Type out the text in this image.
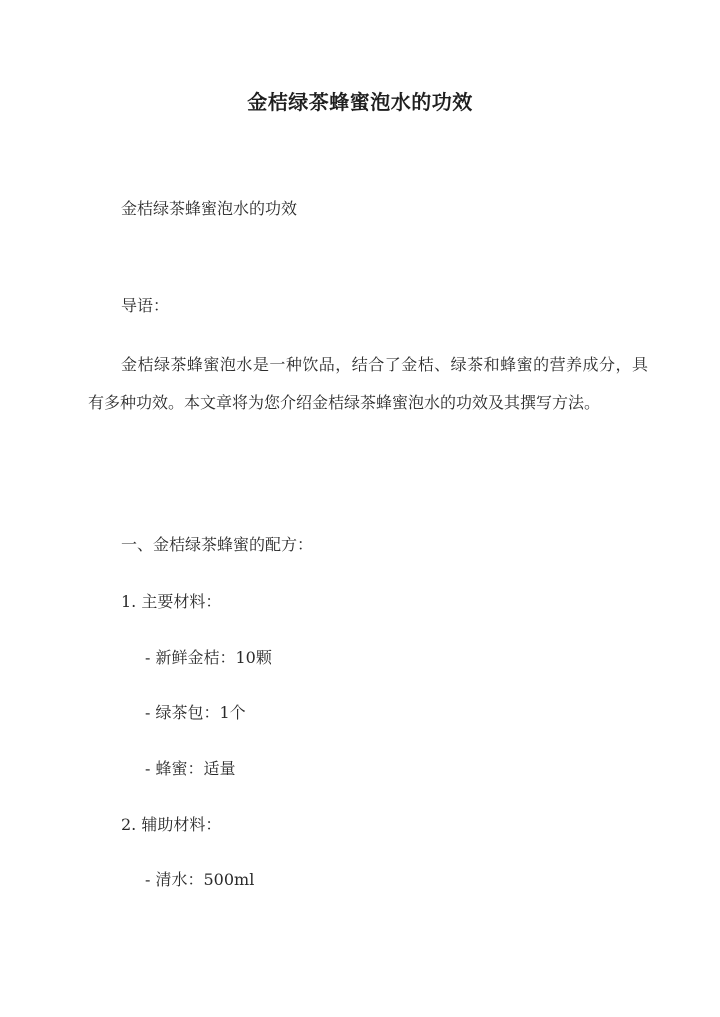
金桔绿茶蜂蜜泡水的功效
金桔绿茶蜂蜜泡水的功效
导语：
金桔绿茶蜂蜜泡水是一种饮品，结合了金桔、绿茶和蜂蜜的营养成分，具有多种功效。本文章将为您介绍金桔绿茶蜂蜜泡水的功效及其撰写方法。
一、金桔绿茶蜂蜜的配方：
1. 主要材料：
- 新鲜金桔：10颗
- 绿茶包：1个
- 蜂蜜：适量
2. 辅助材料：
- 清水：500ml
